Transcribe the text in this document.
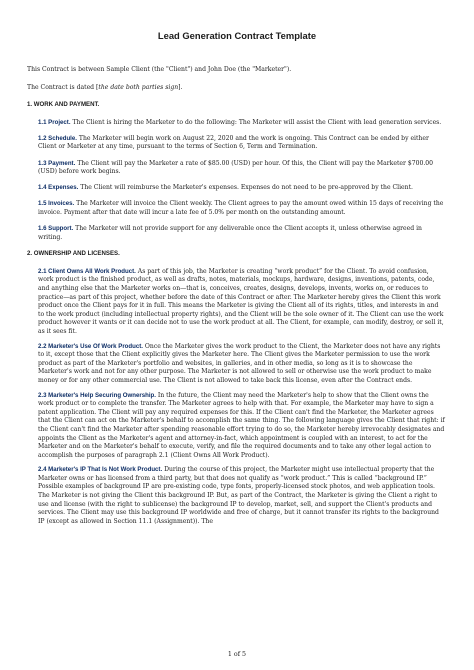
Lead Generation Contract Template

This Contract is between Sample Client (the "Client") and John Doe (the "Marketer").

The Contract is dated [the date both parties sign].

1. WORK AND PAYMENT.

1.1 Project. The Client is hiring the Marketer to do the following: The Marketer will assist the Client with lead generation services.

1.2 Schedule. The Marketer will begin work on August 22, 2020 and the work is ongoing. This Contract can be ended by either Client or Marketer at any time, pursuant to the terms of Section 6, Term and Termination.

1.3 Payment. The Client will pay the Marketer a rate of $85.00 (USD) per hour. Of this, the Client will pay the Marketer $700.00 (USD) before work begins.

1.4 Expenses. The Client will reimburse the Marketer's expenses. Expenses do not need to be pre-approved by the Client.

1.5 Invoices. The Marketer will invoice the Client weekly. The Client agrees to pay the amount owed within 15 days of receiving the invoice. Payment after that date will incur a late fee of 5.0% per month on the outstanding amount.

1.6 Support. The Marketer will not provide support for any deliverable once the Client accepts it, unless otherwise agreed in writing.

2. OWNERSHIP AND LICENSES.

2.1 Client Owns All Work Product. As part of this job, the Marketer is creating “work product” for the Client. To avoid confusion, work product is the finished product, as well as drafts, notes, materials, mockups, hardware, designs, inventions, patents, code, and anything else that the Marketer works on—that is, conceives, creates, designs, develops, invents, works on, or reduces to practice—as part of this project, whether before the date of this Contract or after. The Marketer hereby gives the Client this work product once the Client pays for it in full. This means the Marketer is giving the Client all of its rights, titles, and interests in and to the work product (including intellectual property rights), and the Client will be the sole owner of it. The Client can use the work product however it wants or it can decide not to use the work product at all. The Client, for example, can modify, destroy, or sell it, as it sees fit.

2.2 Marketer's Use Of Work Product. Once the Marketer gives the work product to the Client, the Marketer does not have any rights to it, except those that the Client explicitly gives the Marketer here. The Client gives the Marketer permission to use the work product as part of the Marketer's portfolio and websites, in galleries, and in other media, so long as it is to showcase the Marketer's work and not for any other purpose. The Marketer is not allowed to sell or otherwise use the work product to make money or for any other commercial use. The Client is not allowed to take back this license, even after the Contract ends.

2.3 Marketer's Help Securing Ownership. In the future, the Client may need the Marketer's help to show that the Client owns the work product or to complete the transfer. The Marketer agrees to help with that. For example, the Marketer may have to sign a patent application. The Client will pay any required expenses for this. If the Client can't find the Marketer, the Marketer agrees that the Client can act on the Marketer's behalf to accomplish the same thing. The following language gives the Client that right: if the Client can't find the Marketer after spending reasonable effort trying to do so, the Marketer hereby irrevocably designates and appoints the Client as the Marketer's agent and attorney-in-fact, which appointment is coupled with an interest, to act for the Marketer and on the Marketer's behalf to execute, verify, and file the required documents and to take any other legal action to accomplish the purposes of paragraph 2.1 (Client Owns All Work Product).

2.4 Marketer's IP That Is Not Work Product. During the course of this project, the Marketer might use intellectual property that the Marketer owns or has licensed from a third party, but that does not qualify as “work product.” This is called “background IP.” Possible examples of background IP are pre-existing code, type fonts, properly-licensed stock photos, and web application tools. The Marketer is not giving the Client this background IP. But, as part of the Contract, the Marketer is giving the Client a right to use and license (with the right to sublicense) the background IP to develop, market, sell, and support the Client's products and services. The Client may use this background IP worldwide and free of charge, but it cannot transfer its rights to the background IP (except as allowed in Section 11.1 (Assignment)). The

1 of 5
